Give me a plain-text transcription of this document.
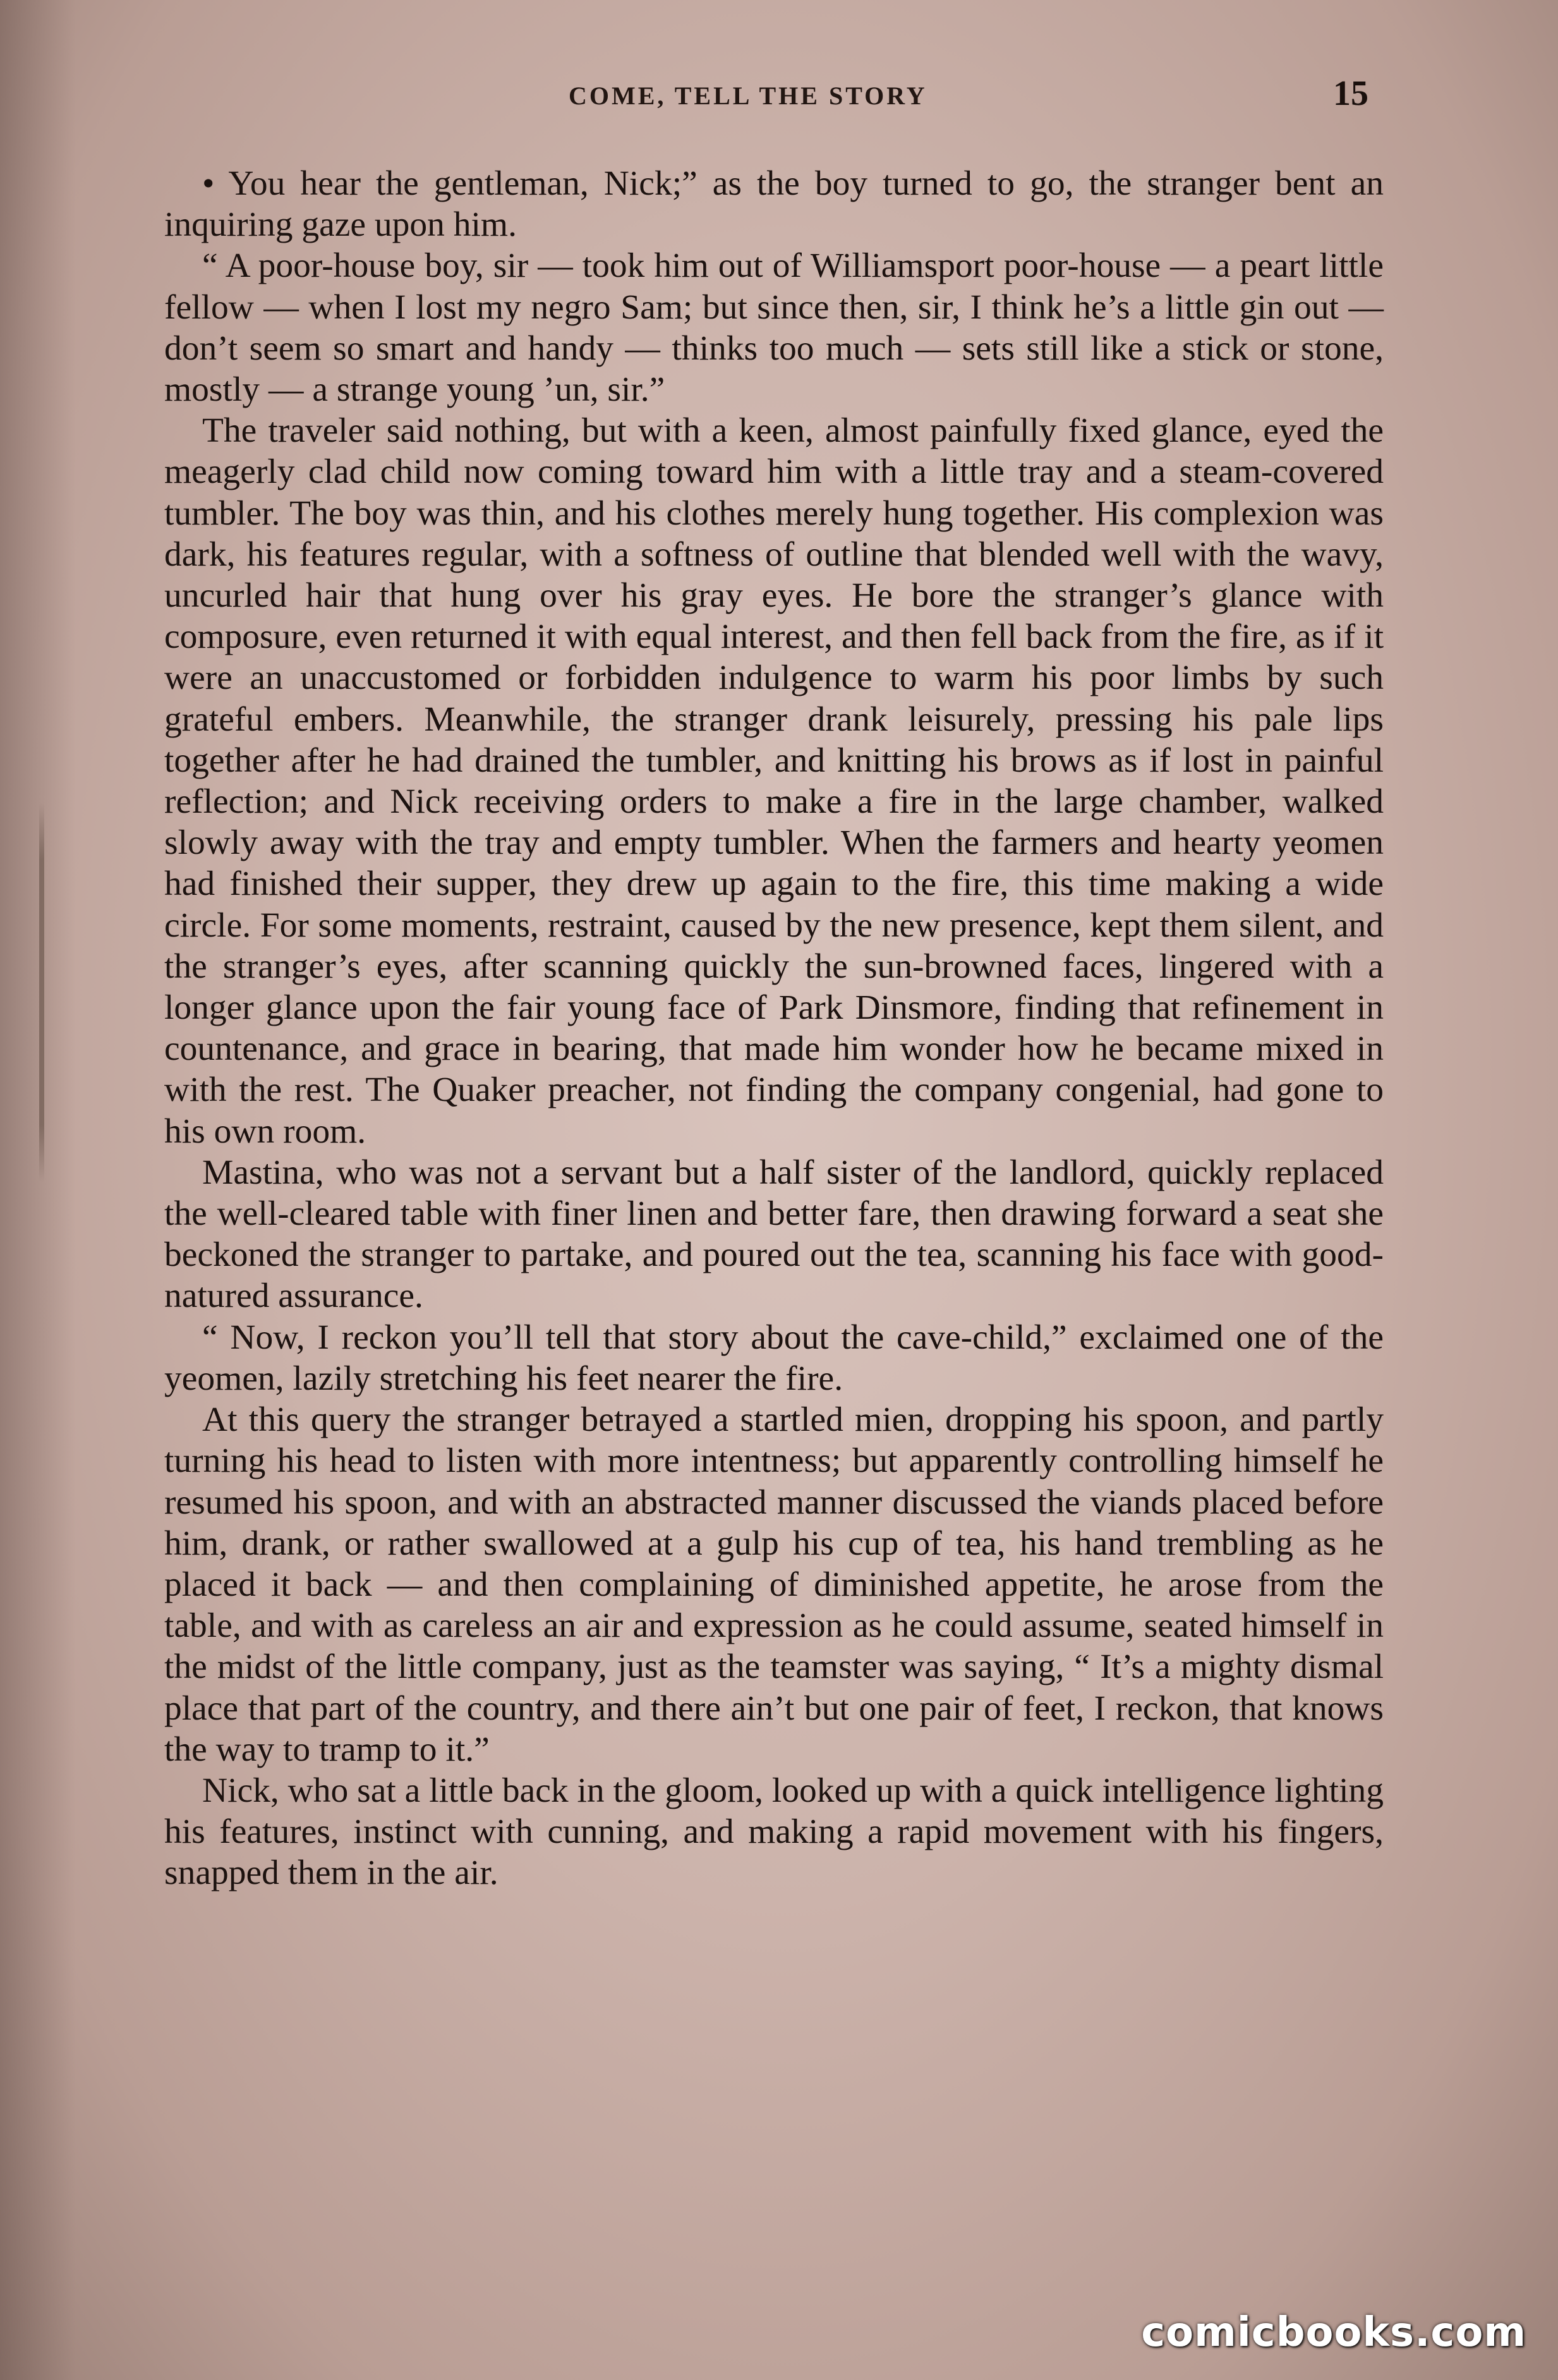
COME, TELL THE STORY	15

• You hear the gentleman, Nick;” as the boy turned to go, the stranger bent an inquiring gaze upon him.

“ A poor-house boy, sir — took him out of Williamsport poor-house — a peart little fellow — when I lost my negro Sam; but since then, sir, I think he’s a little gin out — don’t seem so smart and handy — thinks too much — sets still like a stick or stone, mostly — a strange young ’un, sir.”

The traveler said nothing, but with a keen, almost painfully fixed glance, eyed the meagerly clad child now coming toward him with a little tray and a steam-covered tumbler. The boy was thin, and his clothes merely hung together. His complexion was dark, his features regular, with a softness of outline that blended well with the wavy, uncurled hair that hung over his gray eyes. He bore the stranger’s glance with composure, even returned it with equal interest, and then fell back from the fire, as if it were an unaccustomed or forbidden indulgence to warm his poor limbs by such grateful embers. Meanwhile, the stranger drank leisurely, pressing his pale lips together after he had drained the tumbler, and knitting his brows as if lost in painful reflection; and Nick receiving orders to make a fire in the large chamber, walked slowly away with the tray and empty tumbler. When the farmers and hearty yeomen had finished their supper, they drew up again to the fire, this time making a wide circle. For some moments, restraint, caused by the new presence, kept them silent, and the stranger’s eyes, after scanning quickly the sun-browned faces, lingered with a longer glance upon the fair young face of Park Dinsmore, finding that refinement in countenance, and grace in bearing, that made him wonder how he became mixed in with the rest. The Quaker preacher, not finding the company congenial, had gone to his own room.

Mastina, who was not a servant but a half sister of the landlord, quickly replaced the well-cleared table with finer linen and better fare, then drawing forward a seat she beckoned the stranger to partake, and poured out the tea, scanning his face with good-natured assurance.

“ Now, I reckon you’ll tell that story about the cave-child,” exclaimed one of the yeomen, lazily stretching his feet nearer the fire.

At this query the stranger betrayed a startled mien, dropping his spoon, and partly turning his head to listen with more intentness; but apparently controlling himself he resumed his spoon, and with an abstracted manner discussed the viands placed before him, drank, or rather swallowed at a gulp his cup of tea, his hand trembling as he placed it back — and then complaining of diminished appetite, he arose from the table, and with as careless an air and expression as he could assume, seated himself in the midst of the little company, just as the teamster was saying, “ It’s a mighty dismal place that part of the country, and there ain’t but one pair of feet, I reckon, that knows the way to tramp to it.”

Nick, who sat a little back in the gloom, looked up with a quick intelligence lighting his features, instinct with cunning, and making a rapid movement with his fingers, snapped them in the air.

comicbooks.com
